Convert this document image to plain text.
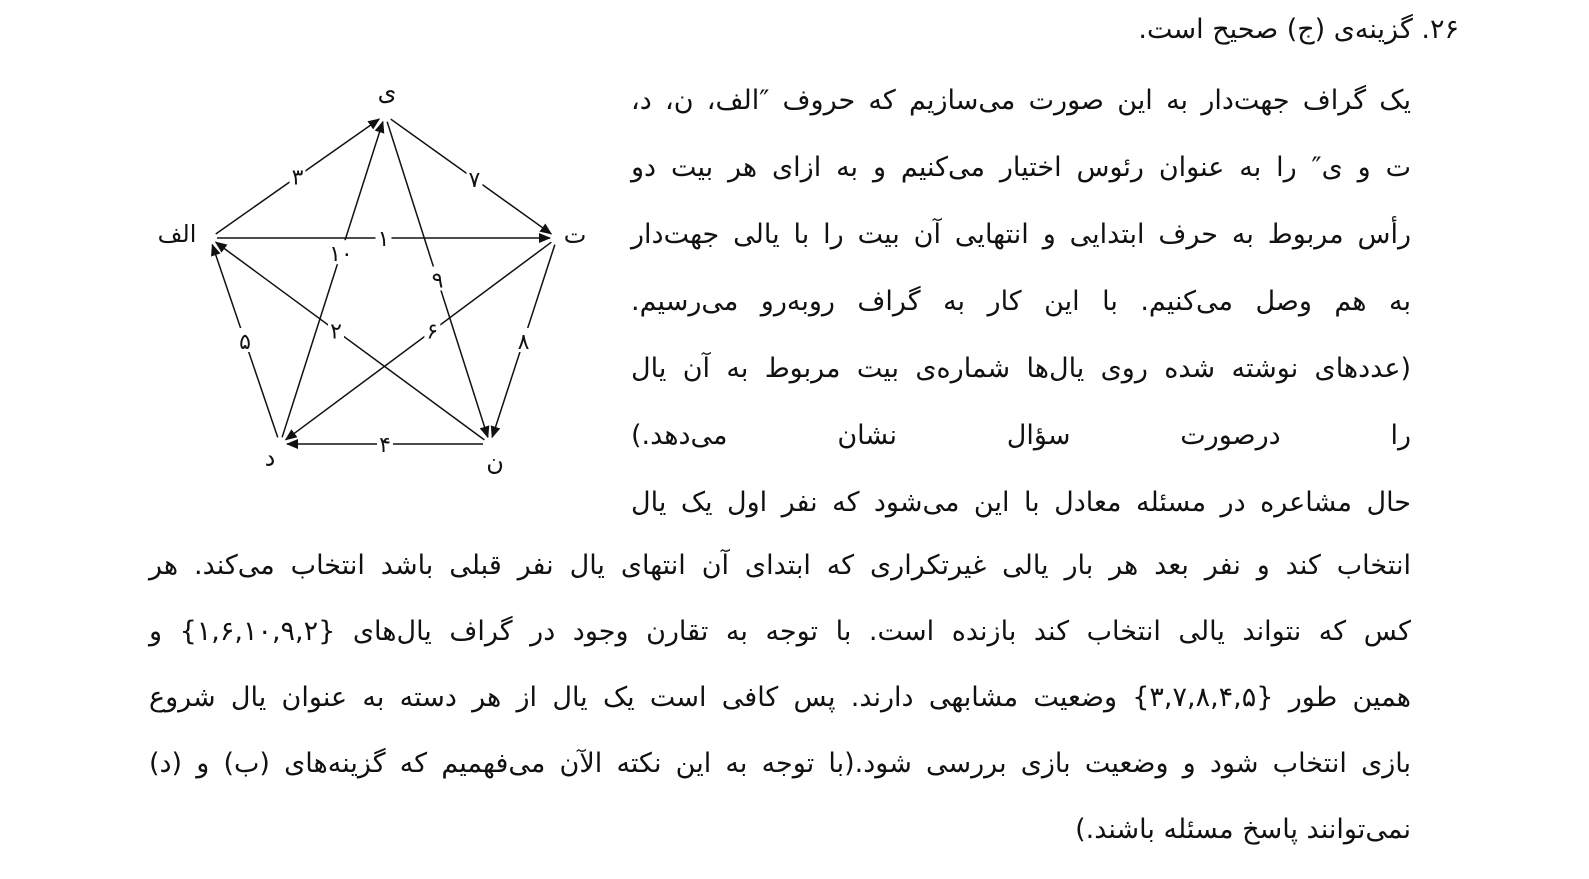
۲۶. گزینه‌ی (ج) صحیح است.
یک گراف جهت‌دار به این صورت می‌سازیم که حروف ″الف، ن، د،
ت و ی″ را به عنوان رئوس اختیار می‌کنیم و به ازای هر بیت دو
رأس مربوط به حرف ابتدایی و انتهایی آن بیت را با یالی جهت‌دار
به هم وصل می‌کنیم. با این کار به گراف روبه‌رو می‌رسیم.
(عددهای نوشته شده روی یال‌ها شماره‌ی بیت مربوط به آن یال
را درصورت سؤال نشان می‌دهد.)
حال مشاعره در مسئله معادل با این می‌شود که نفر اول یک یال
انتخاب کند و نفر بعد هر بار یالی غیرتکراری که ابتدای آن انتهای یال نفر قبلی باشد انتخاب می‌کند. هر
کس که نتواند یالی انتخاب کند بازنده است. با توجه به تقارن وجود در گراف یال‌های {۱,۶,۱۰,۹,۲} و
همین طور {۳,۷,۸,۴,۵} وضعیت مشابهی دارند. پس کافی است یک یال از هر دسته به عنوان یال شروع
بازی انتخاب شود و وضعیت بازی بررسی شود.(با توجه به این نکته الآن می‌فهمیم که گزینه‌های (ب) و (د)
نمی‌توانند پاسخ مسئله باشند.)
۳	۷
۱
۱۰
۹
۵	۲	۶	۸
۴
ی
الف	ت
د	ن
